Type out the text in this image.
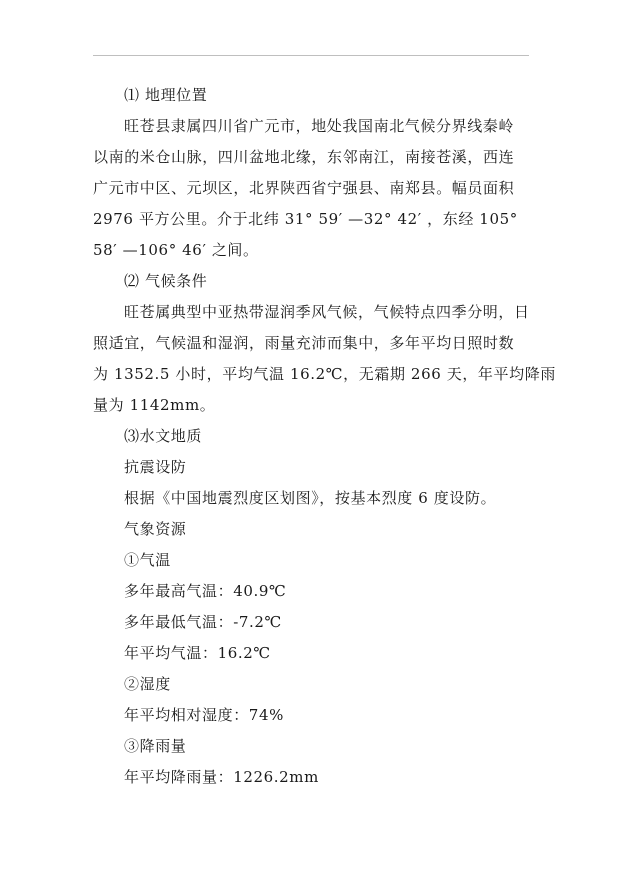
⑴ 地理位置
旺苍县隶属四川省广元市，地处我国南北气候分界线秦岭
以南的米仓山脉，四川盆地北缘，东邻南江，南接苍溪，西连
广元市中区、元坝区，北界陕西省宁强县、南郑县。幅员面积
2976 平方公里。介于北纬 31° 59′ —32° 42′ ，东经 105°
58′ —106° 46′ 之间。
⑵ 气候条件
旺苍属典型中亚热带湿润季风气候，气候特点四季分明，日
照适宜，气候温和湿润，雨量充沛而集中，多年平均日照时数
为 1352.5 小时，平均气温 16.2℃，无霜期 266 天，年平均降雨
量为 1142mm。
⑶水文地质
抗震设防
根据《中国地震烈度区划图》，按基本烈度 6 度设防。
气象资源
①气温
多年最高气温：40.9℃
多年最低气温：-7.2℃
年平均气温：16.2℃
②湿度
年平均相对湿度：74%
③降雨量
年平均降雨量：1226.2mm
